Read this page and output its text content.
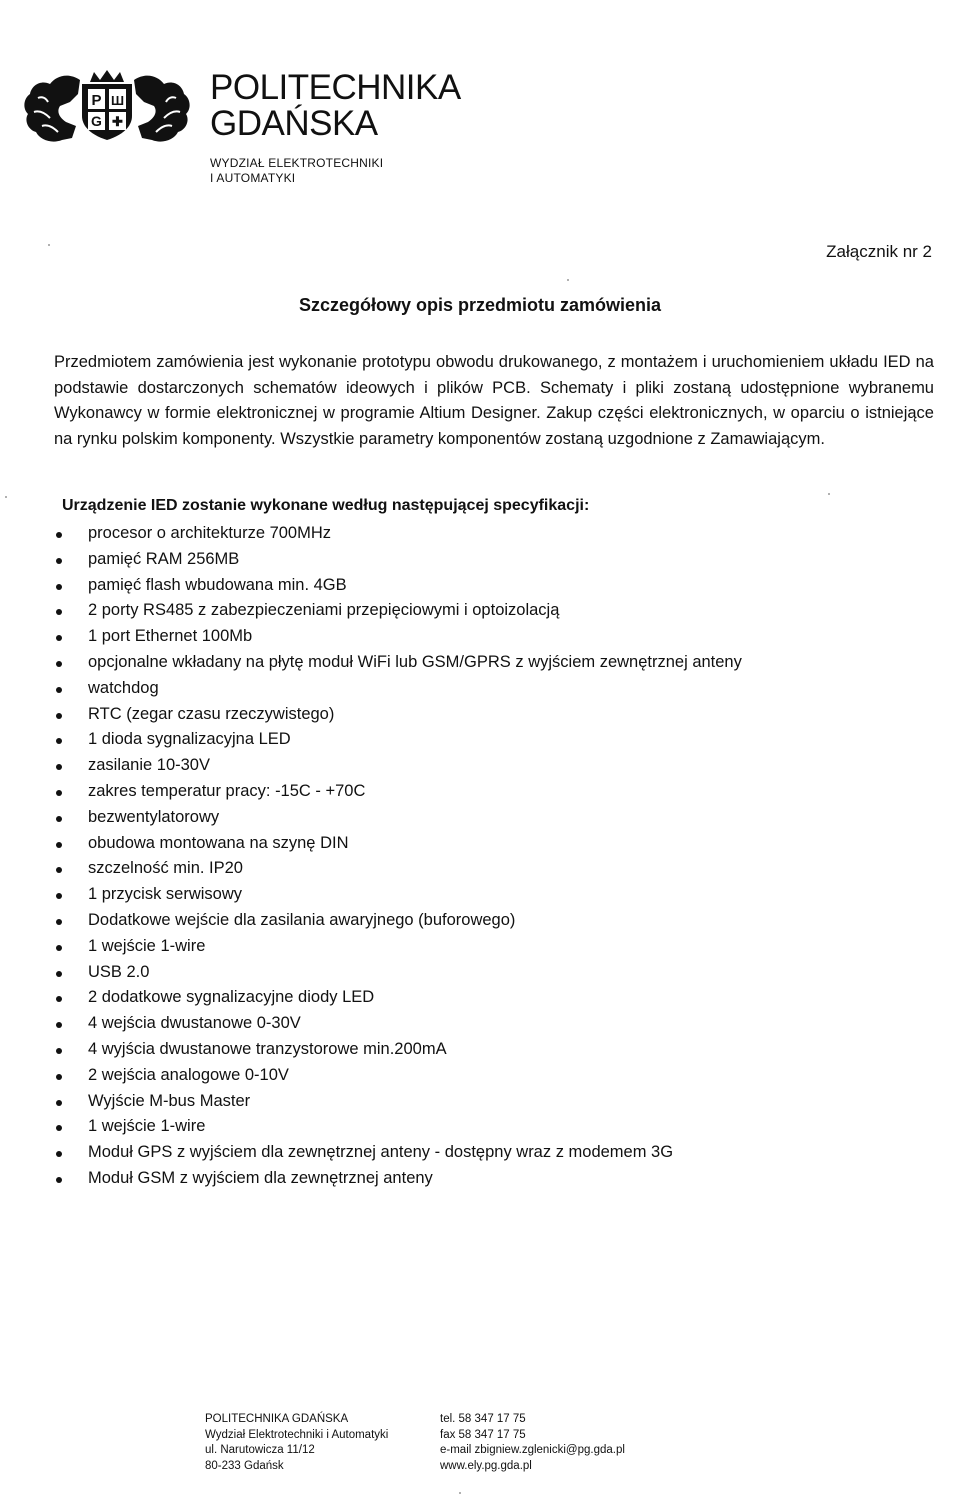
P Ш
G ✚
POLITECHNIKA
GDAŃSKA
WYDZIAŁ ELEKTROTECHNIKI
I AUTOMATYKI
Załącznik nr 2
Szczegółowy opis przedmiotu zamówienia
Przedmiotem zamówienia jest wykonanie prototypu obwodu drukowanego, z montażem i uruchomieniem układu IED na podstawie dostarczonych schematów ideowych i plików PCB. Schematy i pliki zostaną udostępnione wybranemu Wykonawcy w formie elektronicznej w programie Altium Designer. Zakup części elektronicznych, w oparciu o istniejące na rynku polskim komponenty. Wszystkie parametry komponentów zostaną uzgodnione z Zamawiającym.
Urządzenie IED zostanie wykonane według następującej specyfikacji:
procesor o architekturze 700MHz
pamięć RAM 256MB
pamięć flash wbudowana min. 4GB
2 porty RS485 z zabezpieczeniami przepięciowymi i optoizolacją
1 port Ethernet 100Mb
opcjonalne wkładany na płytę moduł WiFi lub GSM/GPRS z wyjściem zewnętrznej anteny
watchdog
RTC (zegar czasu rzeczywistego)
1 dioda sygnalizacyjna LED
zasilanie 10-30V
zakres temperatur pracy: -15C - +70C
bezwentylatorowy
obudowa montowana na szynę DIN
szczelność min. IP20
1 przycisk serwisowy
Dodatkowe wejście dla zasilania awaryjnego (buforowego)
1 wejście 1-wire
USB 2.0
2 dodatkowe sygnalizacyjne diody LED
4 wejścia dwustanowe 0-30V
4 wyjścia dwustanowe tranzystorowe min.200mA
2 wejścia analogowe 0-10V
Wyjście M-bus Master
1 wejście 1-wire
Moduł GPS z wyjściem dla zewnętrznej anteny - dostępny wraz z modemem 3G
Moduł GSM z wyjściem dla zewnętrznej anteny
POLITECHNIKA GDAŃSKA
Wydział Elektrotechniki i Automatyki
ul. Narutowicza 11/12
80-233 Gdańsk
tel. 58 347 17 75
fax 58 347 17 75
e-mail zbigniew.zglenicki@pg.gda.pl
www.ely.pg.gda.pl
